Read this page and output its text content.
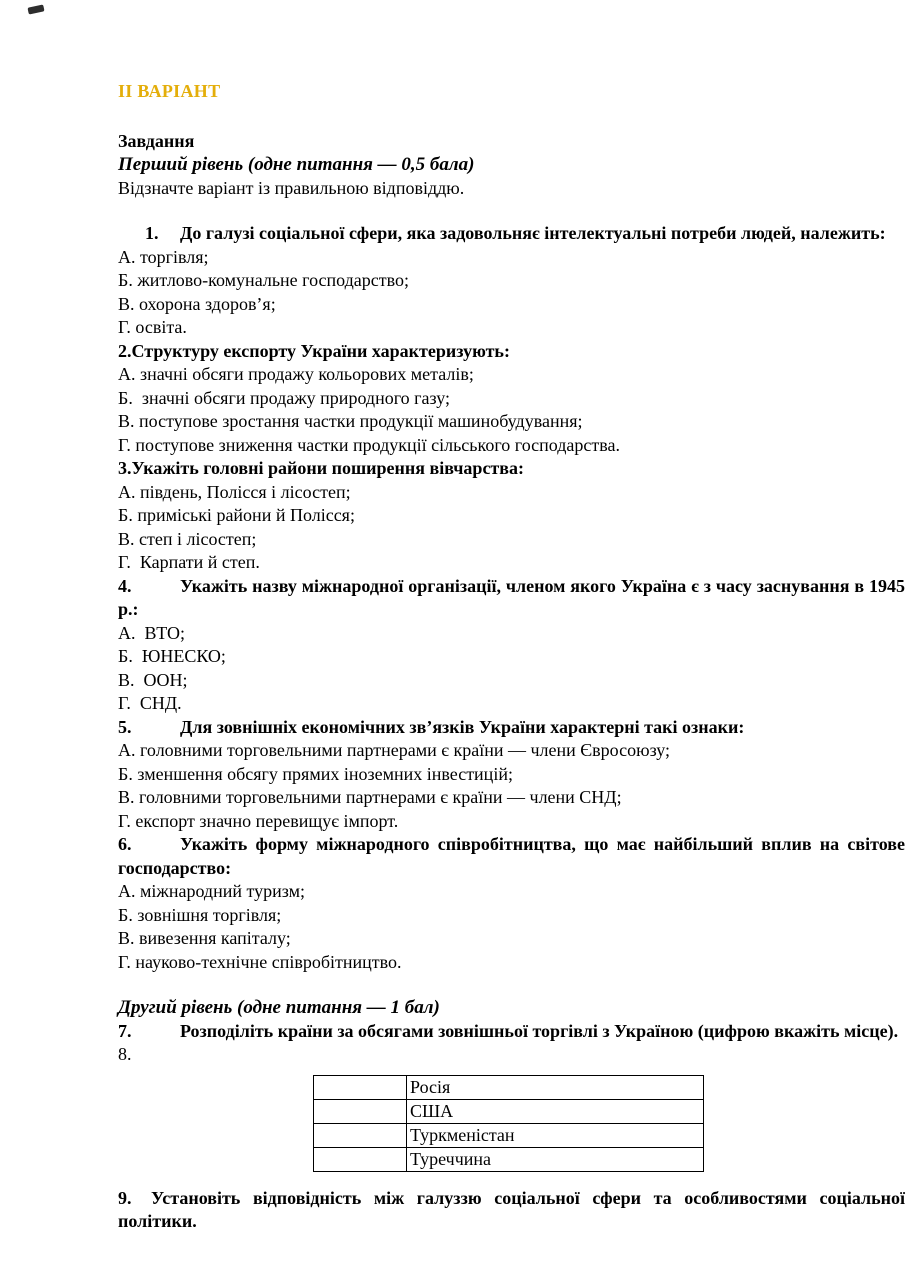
ІІ ВАРІАНТ

Завдання

Перший рівень (одне питання — 0,5 бала)

Відзначте варіант із правильною відповіддю.

1. До галузі соціальної сфери, яка задовольняє інтелектуальні потреби людей, належить:

А. торгівля;

Б. житлово-комунальне господарство;

В. охорона здоров’я;

Г. освіта.

2.Структуру експорту України характеризують:

А. значні обсяги продажу кольорових металів;

Б.  значні обсяги продажу природного газу;

В. поступове зростання частки продукції машинобудування;

Г. поступове зниження частки продукції сільського господарства.

3.Укажіть головні райони поширення вівчарства:

А. південь, Полісся і лісостеп;

Б. приміські райони й Полісся;

В. степ і лісостеп;

Г.  Карпати й степ.

4.	Укажіть назву міжнародної організації, членом якого Україна є з часу заснування в 1945 р.:

А.  ВТО;

Б.  ЮНЕСКО;

В.  ООН;

Г.  СНД.

5.	Для зовнішніх економічних зв’язків України характерні такі ознаки:

А. головними торговельними партнерами є країни — члени Євросоюзу;

Б. зменшення обсягу прямих іноземних інвестицій;

В. головними торговельними партнерами є країни — члени СНД;

Г. експорт значно перевищує імпорт.

6.	Укажіть форму міжнародного співробітництва, що має найбільший вплив на світове господарство:

А. міжнародний туризм;

Б. зовнішня торгівля;

В. вивезення капіталу;

Г. науково-технічне співробітництво.

Другий рівень (одне питання — 1 бал)

7.	Розподіліть країни за обсягами зовнішньої торгівлі з Україною (цифрою вкажіть місце).

8.

	Росія
	США
	Туркменістан
	Туреччина

9. Установіть відповідність між галуззю соціальної сфери та особливостями соціальної політики.
